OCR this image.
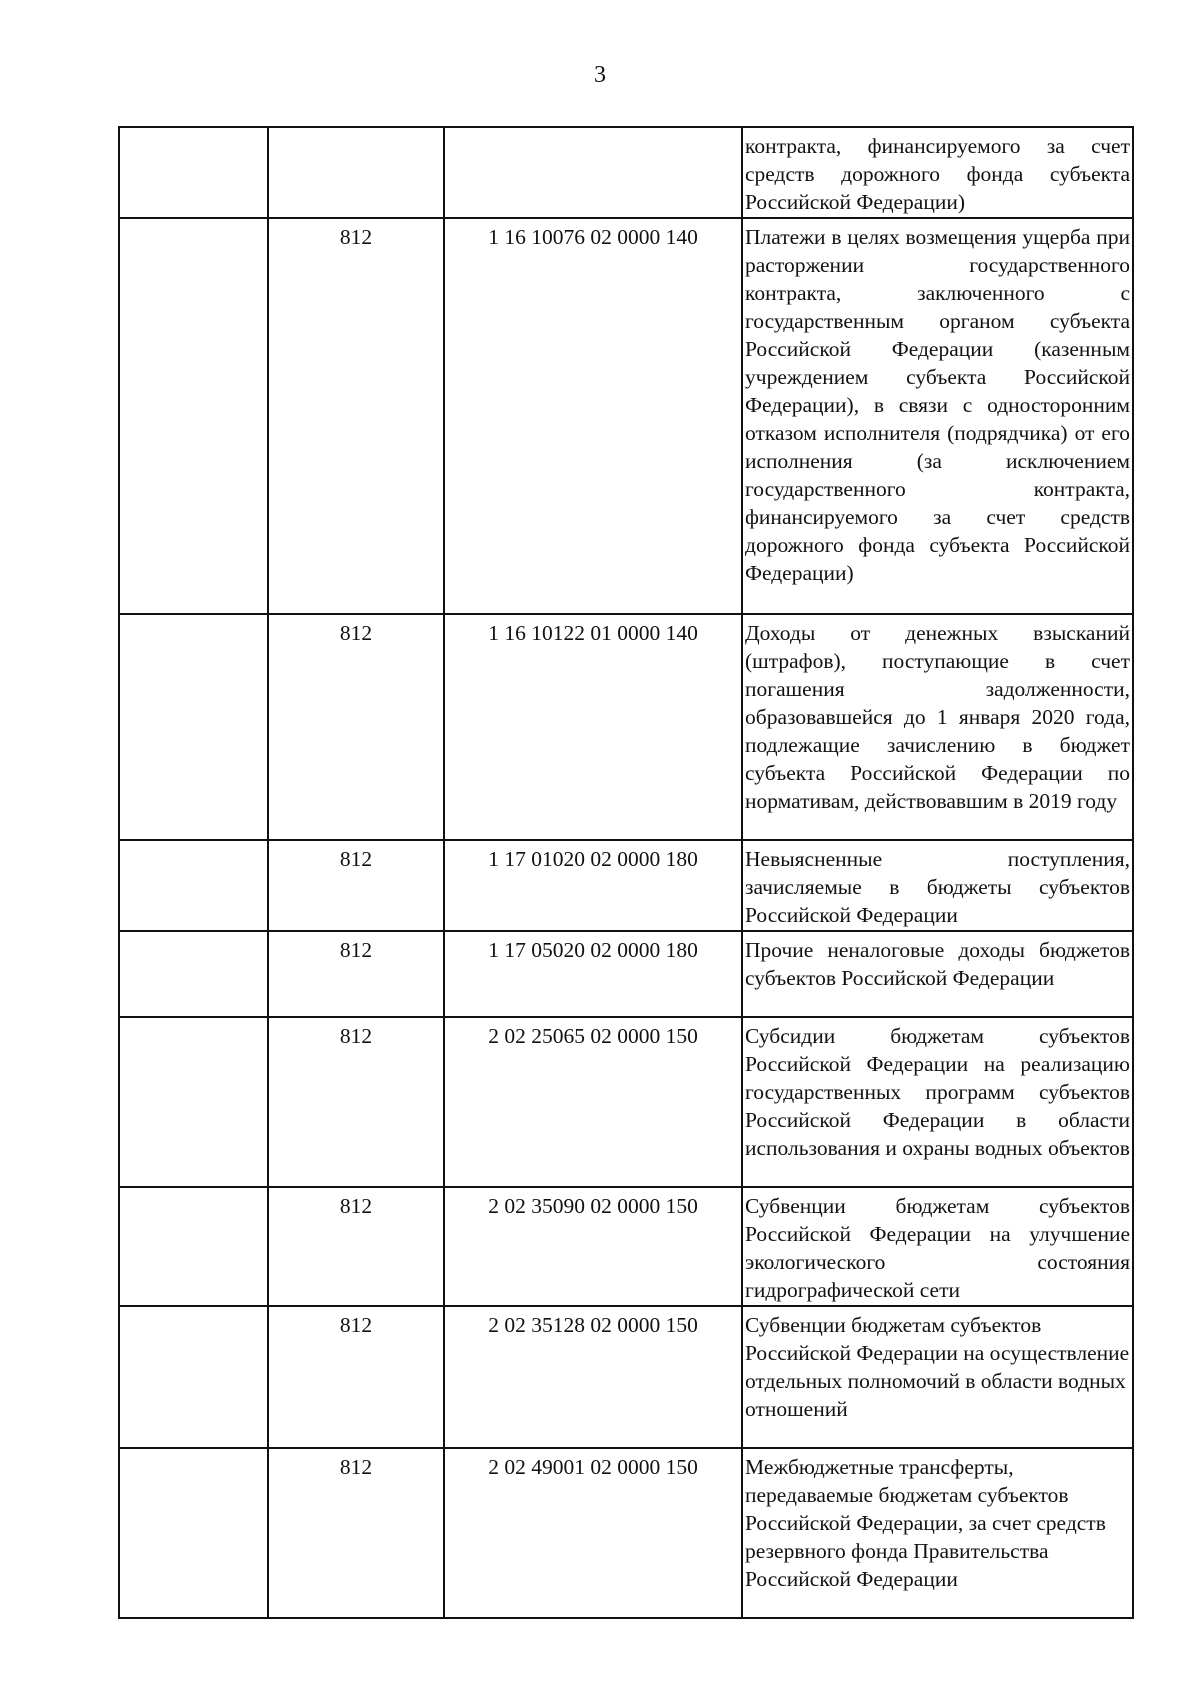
3
			контракта, финансируемого за счет средств дорожного фонда субъекта Российской Федерации)
	812	1 16 10076 02 0000 140	Платежи в целях возмещения ущерба при расторжении государственного контракта, заключенного с государственным органом субъекта Российской Федерации (казенным учреждением субъекта Российской Федерации), в связи с односторонним отказом исполнителя (подрядчика) от его исполнения (за исключением государственного контракта, финансируемого за счет средств дорожного фонда субъекта Российской Федерации)
	812	1 16 10122 01 0000 140	Доходы от денежных взысканий (штрафов), поступающие в счет погашения задолженности, образовавшейся до 1 января 2020 года, подлежащие зачислению в бюджет субъекта Российской Федерации по нормативам, действовавшим в 2019 году
	812	1 17 01020 02 0000 180	Невыясненные поступления, зачисляемые в бюджеты субъектов Российской Федерации
	812	1 17 05020 02 0000 180	Прочие неналоговые доходы бюджетов субъектов Российской Федерации
	812	2 02 25065 02 0000 150	Субсидии бюджетам субъектов Российской Федерации на реализацию государственных программ субъектов Российской Федерации в области использования и охраны водных объектов
	812	2 02 35090 02 0000 150	Субвенции бюджетам субъектов Российской Федерации на улучшение экологического состояния гидрографической сети
	812	2 02 35128 02 0000 150	Субвенции бюджетам субъектов Российской Федерации на осуществление отдельных полномочий в области водных отношений
	812	2 02 49001 02 0000 150	Межбюджетные трансферты, передаваемые бюджетам субъектов Российской Федерации, за счет средств резервного фонда Правительства Российской Федерации
